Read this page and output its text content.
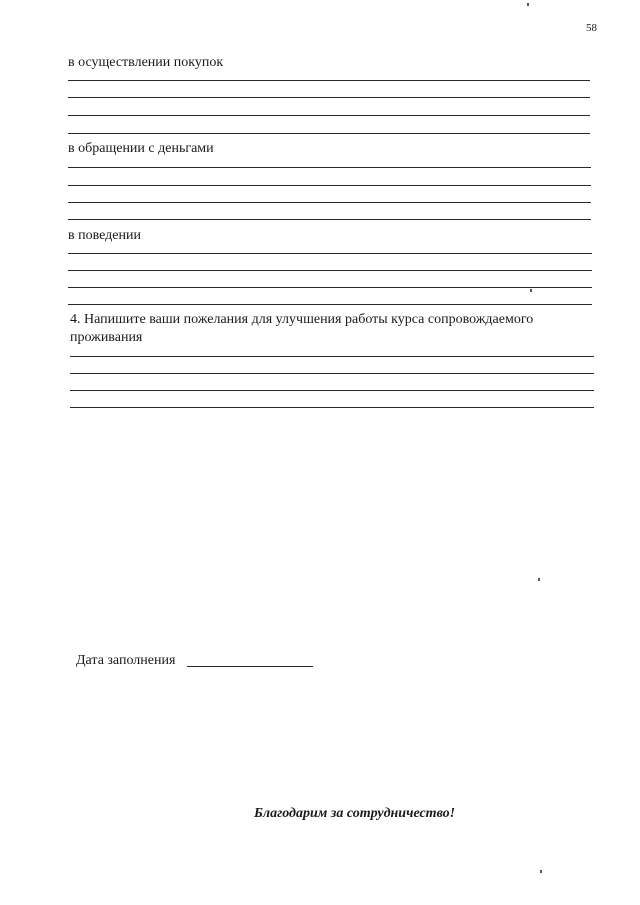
58
в осуществлении покупок
в обращении с деньгами
в поведении
4. Напишите ваши пожелания для улучшения работы курса сопровождаемого проживания
Дата заполнения
Благодарим за сотрудничество!
